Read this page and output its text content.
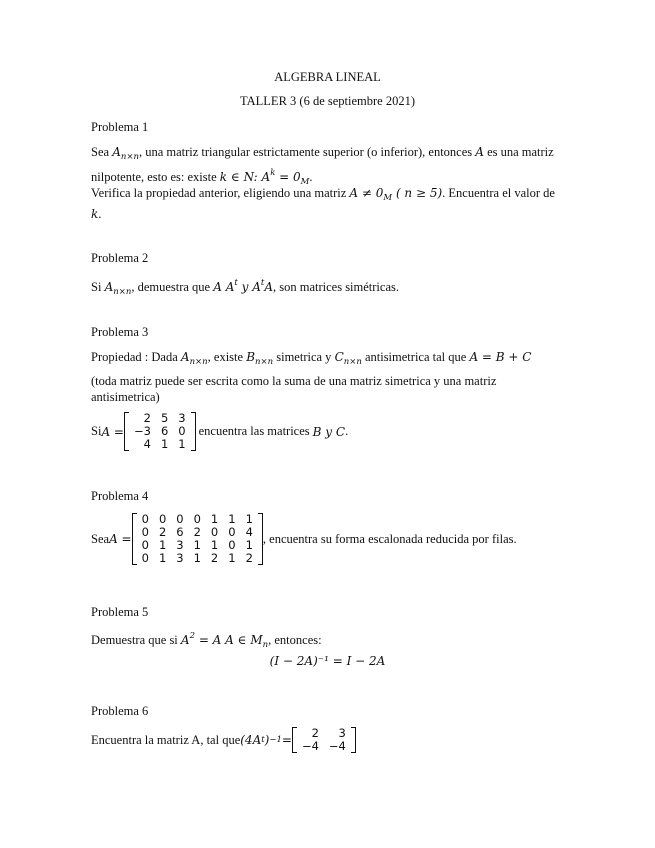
ALGEBRA LINEAL
TALLER 3 (6 de septiembre 2021)
Problema 1
Sea $A_{n\times n}$, una matriz triangular estrictamente superior (o inferior), entonces A es una matriz nilpotente, esto es: existe k ∈ N: $A^k = 0_M$.
Verifica la propiedad anterior, eligiendo una matriz $A \ne 0_M$ ( n ≥ 5). Encuentra el valor de k.
Problema 2
Si $A_{n\times n}$, demuestra que A $A^t$ y $A^tA$, son matrices simétricas.
Problema 3
Propiedad : Dada $A_{n\times n}$, existe $B_{n\times n}$ simetrica y $C_{n\times n}$ antisimetrica tal que A = B + C
(toda matriz puede ser escrita como la suma de una matriz simetrica y una matriz antisimetrica)
Si A =
2	5	3
−3	6	0
4	1	1
encuentra las matrices B y C .
Problema 4
Sea A =
0	0	0	0	1	1	1
0	2	6	2	0	0	4
0	1	3	1	1	0	1
0	1	3	1	2	1	2
, encuentra su forma escalonada reducida por filas.
Problema 5
Demuestra que si $A^2 = A$ A ∈ $M_n$, entonces:
(I − 2A)⁻¹ = I − 2A
Problema 6
Encuentra la matriz A, tal que (4A t ) −1 = 2	3
−4	−4
